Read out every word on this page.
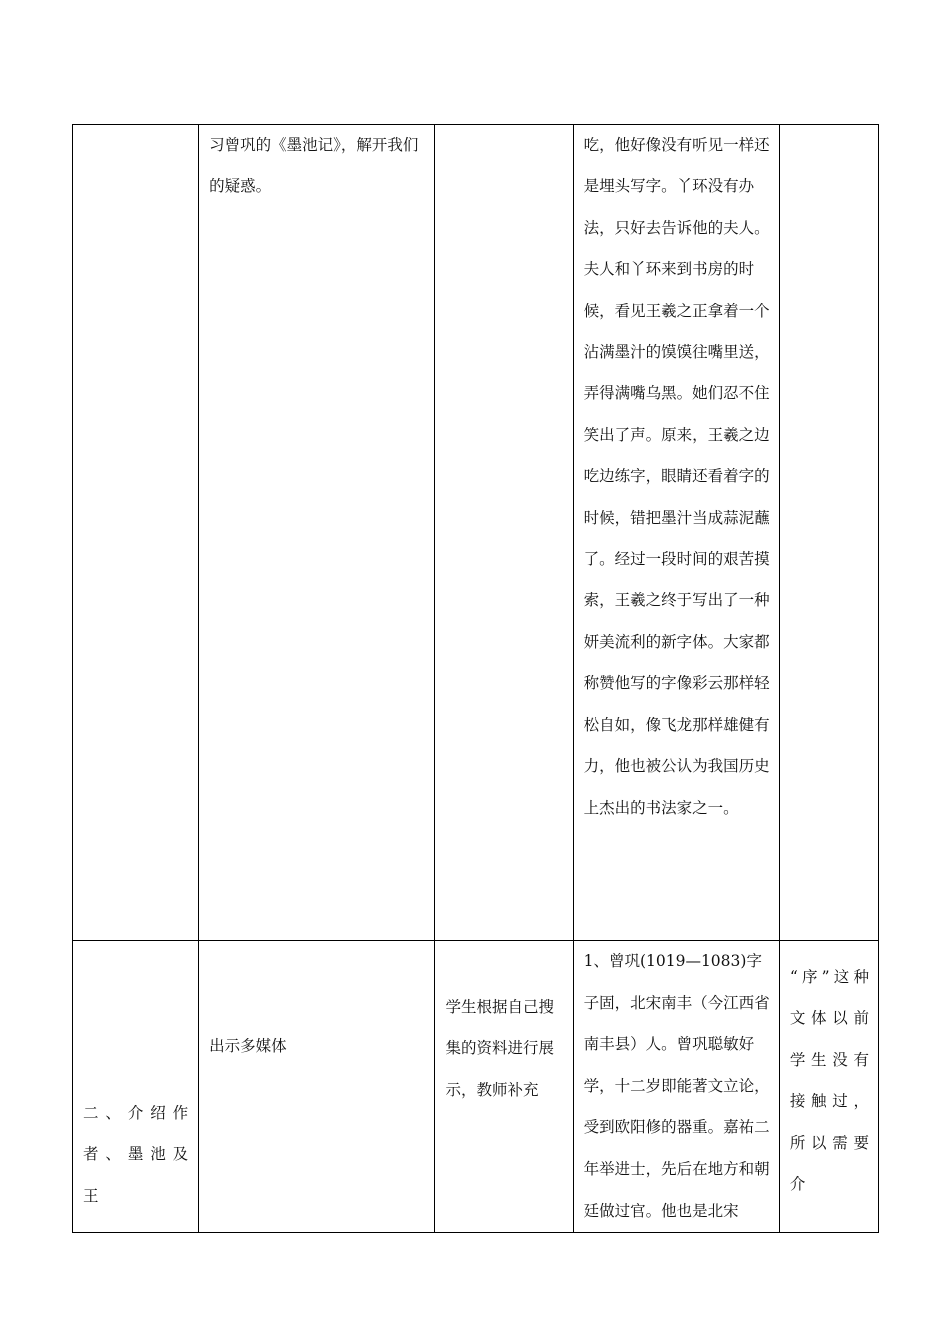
	习曾巩的《墨池记》，解开我们的疑惑。		吃，他好像没有听见一样还是埋头写字。丫环没有办法，只好去告诉他的夫人。夫人和丫环来到书房的时候，看见王羲之正拿着一个沾满墨汁的馍馍往嘴里送，弄得满嘴乌黑。她们忍不住笑出了声。原来，王羲之边吃边练字，眼睛还看着字的时候，错把墨汁当成蒜泥蘸了。经过一段时间的艰苦摸索，王羲之终于写出了一种妍美流利的新字体。大家都称赞他写的字像彩云那样轻松自如，像飞龙那样雄健有力，他也被公认为我国历史上杰出的书法家之一。	

二、介绍作者、墨池及王	出示多媒体	学生根据自己搜集的资料进行展示，教师补充	1、曾巩(1019—1083)字子固，北宋南丰（今江西省南丰县）人。曾巩聪敏好学，十二岁即能著文立论，受到欧阳修的器重。嘉祐二年举进士，先后在地方和朝廷做过官。他也是北宋	“序”这种文体以前学生没有接触过，所以需要介
